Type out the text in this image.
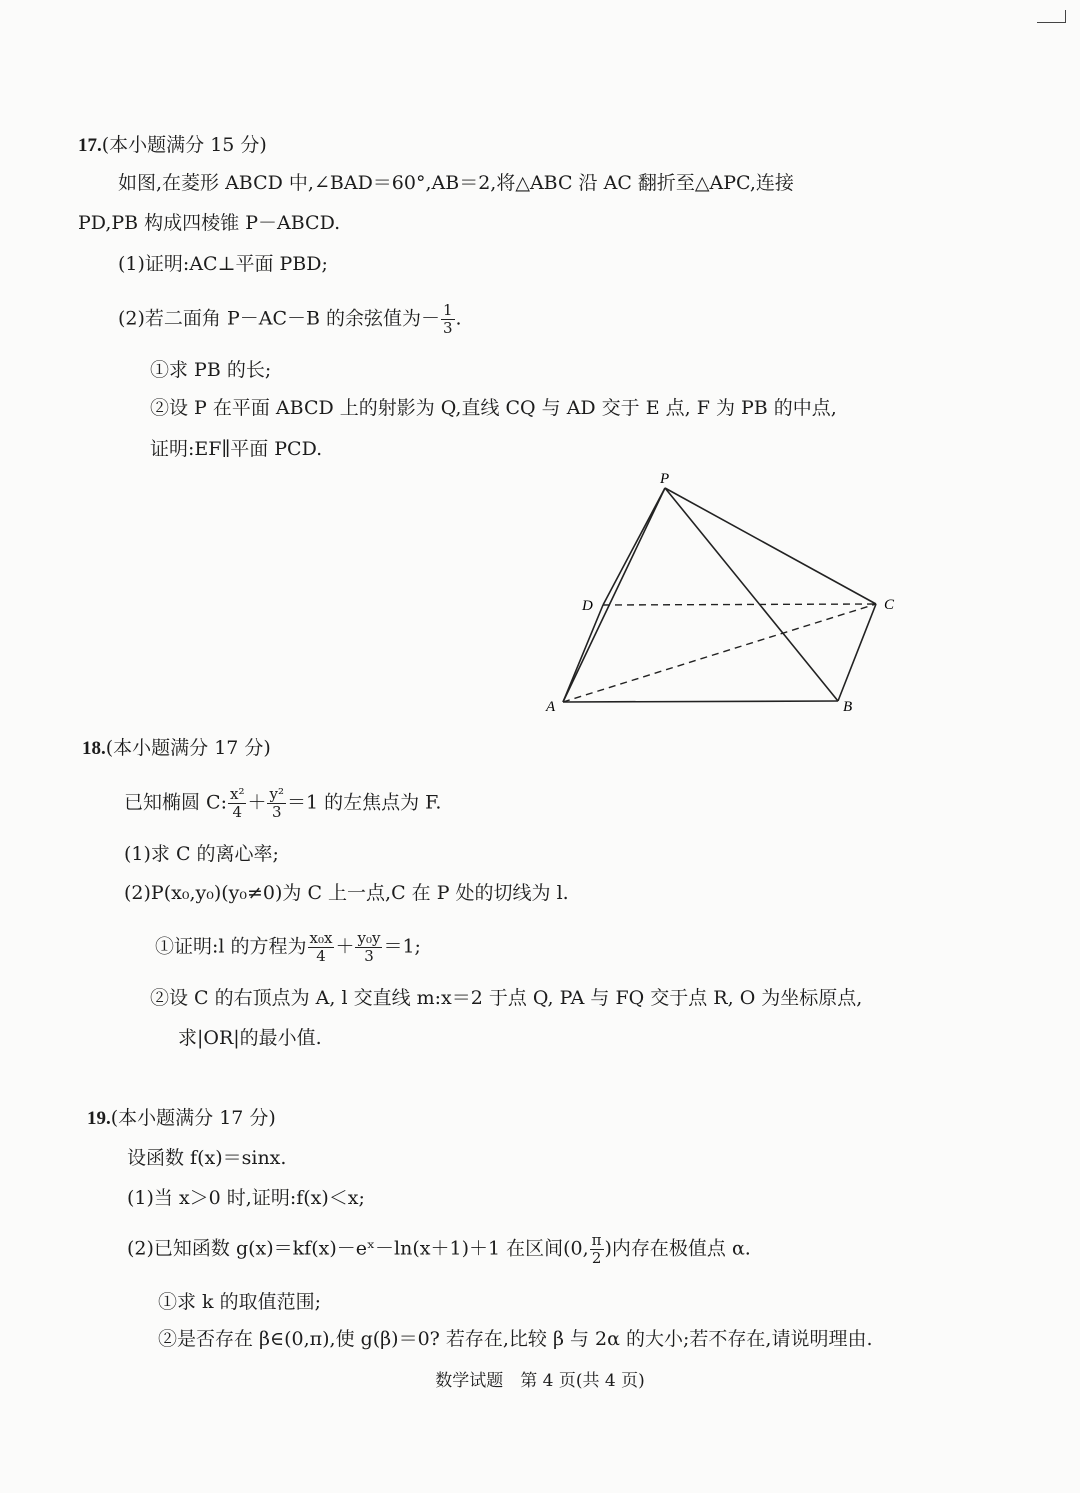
17.(本小题满分 15 分)
如图,在菱形 ABCD 中,∠BAD＝60°,AB＝2,将△ABC 沿 AC 翻折至△APC,连接
PD,PB 构成四棱锥 P－ABCD.
(1)证明:AC⊥平面 PBD;
(2)若二面角 P－AC－B 的余弦值为－ $\frac{1}{3}$ .
①求 PB 的长;
②设 P 在平面 ABCD 上的射影为 Q,直线 CQ 与 AD 交于 E 点, F 为 PB 的中点,
证明:EF∥平面 PCD.
P
D	C
A	B
18.(本小题满分 17 分)
已知椭圆 C: $\frac{\text{x²}}{4} + \frac{\text{y²}}{3} =1$ 的左焦点为 F.
(1)求 C 的离心率;
(2)P(x₀,y₀)(y₀≠0)为 C 上一点,C 在 P 处的切线为 l.
①证明:l 的方程为 $\frac{\text{x₀x}}{4} + \frac{\text{y₀y}}{3} =1$;
②设 C 的右顶点为 A, l 交直线 m:x＝2 于点 Q, PA 与 FQ 交于点 R, O 为坐标原点,
求|OR|的最小值.
19.(本小题满分 17 分)
设函数 f(x)＝sinx.
(1)当 x＞0 时,证明:f(x)＜x;
(2)已知函数 g(x)＝kf(x)－eˣ－ln(x＋1)＋1 在区间(0, $\frac{\pi}{2}$ )内存在极值点 α.
①求 k 的取值范围;
②是否存在 β∈(0,π),使 g(β)＝0? 若存在,比较 β 与 2α 的大小;若不存在,请说明理由.
数学试题　第 4 页(共 4 页)
